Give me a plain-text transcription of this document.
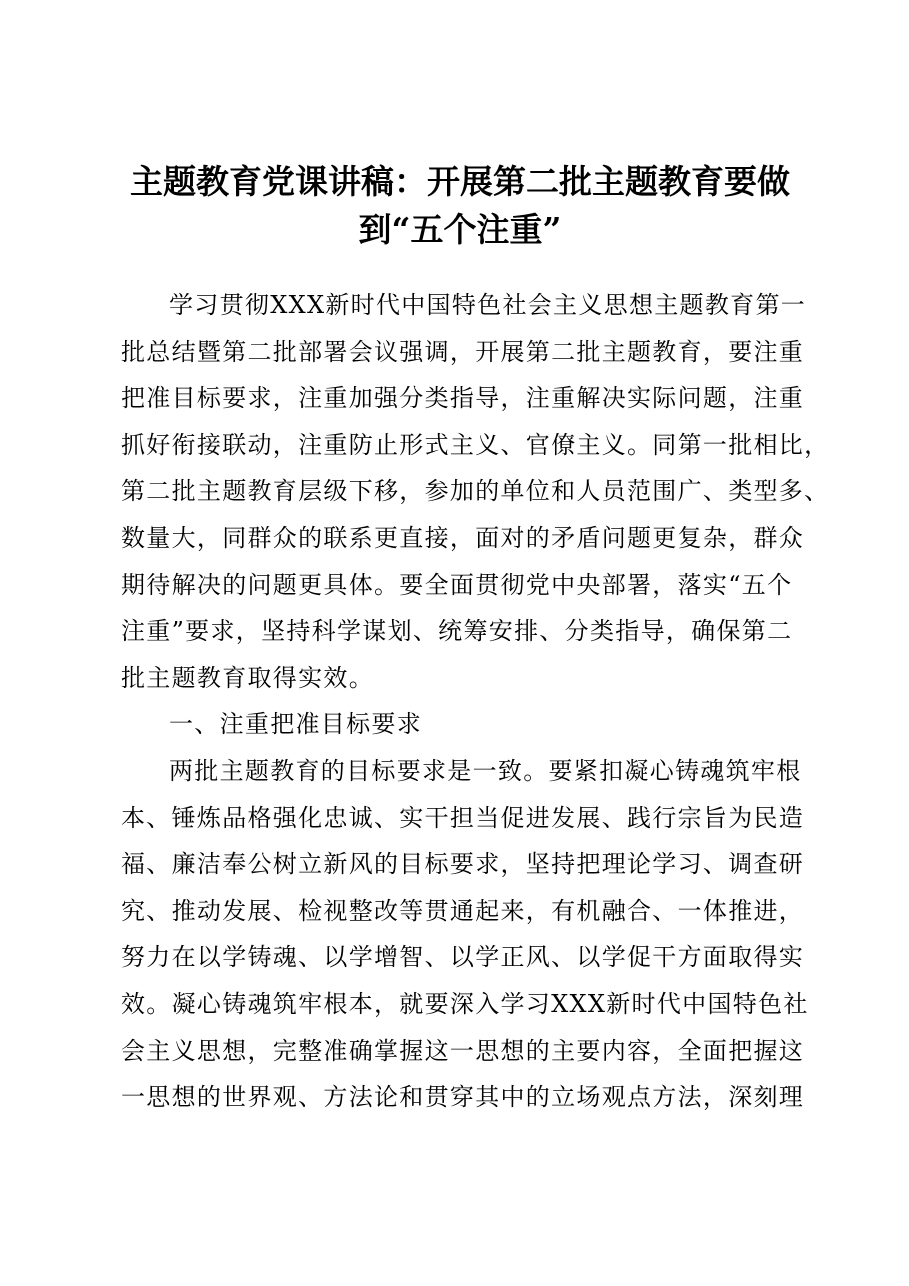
主题教育党课讲稿：开展第二批主题教育要做
到“五个注重”
学习贯彻XXX新时代中国特色社会主义思想主题教育第一
批总结暨第二批部署会议强调，开展第二批主题教育，要注重
把准目标要求，注重加强分类指导，注重解决实际问题，注重
抓好衔接联动，注重防止形式主义、官僚主义。同第一批相比，
第二批主题教育层级下移，参加的单位和人员范围广、类型多、
数量大，同群众的联系更直接，面对的矛盾问题更复杂，群众
期待解决的问题更具体。要全面贯彻党中央部署，落实“五个
注重”要求，坚持科学谋划、统筹安排、分类指导，确保第二
批主题教育取得实效。
一、注重把准目标要求
两批主题教育的目标要求是一致。要紧扣凝心铸魂筑牢根
本、锤炼品格强化忠诚、实干担当促进发展、践行宗旨为民造
福、廉洁奉公树立新风的目标要求，坚持把理论学习、调查研
究、推动发展、检视整改等贯通起来，有机融合、一体推进，
努力在以学铸魂、以学增智、以学正风、以学促干方面取得实
效。凝心铸魂筑牢根本，就要深入学习XXX新时代中国特色社
会主义思想，完整准确掌握这一思想的主要内容，全面把握这
一思想的世界观、方法论和贯穿其中的立场观点方法，深刻理
